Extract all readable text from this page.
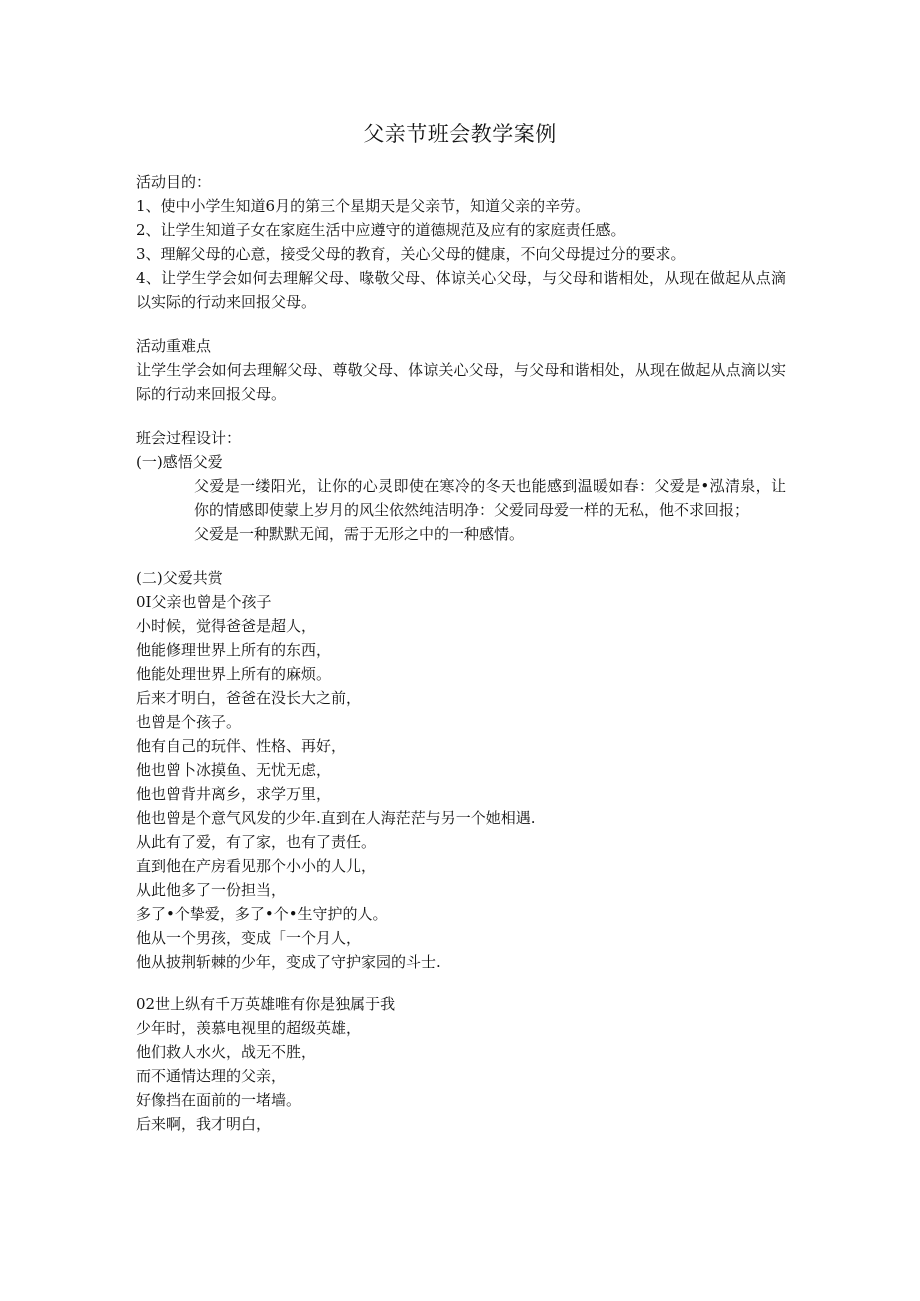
父亲节班会教学案例
活动目的：
1、使中小学生知道6月的第三个星期天是父亲节，知道父亲的辛劳。
2、让学生知道子女在家庭生活中应遵守的道德规范及应有的家庭责任感。
3、理解父母的心意，接受父母的教育，关心父母的健康，不向父母提过分的要求。
4、让学生学会如何去理解父母、喙敬父母、体谅关心父母，与父母和谐相处，从现在做起从点滴以实际的行动来回报父母。
活动重难点
让学生学会如何去理解父母、尊敬父母、体谅关心父母，与父母和谐相处，从现在做起从点滴以实际的行动来回报父母。
班会过程设计：
(一)感悟父爱
父爱是一缕阳光，让你的心灵即使在寒冷的冬天也能感到温暖如春：父爱是•泓清泉，让你的情感即使蒙上岁月的风尘依然纯洁明净：父爱同母爱一样的无私，他不求回报；
父爱是一种默默无闻，需于无形之中的一种感情。
(二)父爱共赏
0I父亲也曾是个孩子
小时候，觉得爸爸是超人，
他能修理世界上所有的东西，
他能处理世界上所有的麻烦。
后来才明白，爸爸在没长大之前，
也曾是个孩子。
他有自己的玩伴、性格、再好，
他也曾卜冰摸鱼、无忧无虑，
他也曾背井离乡，求学万里，
他也曾是个意气风发的少年.直到在人海茫茫与另一个她相遇.
从此有了爱，有了家，也有了责任。
直到他在产房看见那个小小的人儿，
从此他多了一份担当，
多了•个挚爱，多了•个•生守护的人。
他从一个男孩，变成「一个月人，
他从披荆斩棘的少年，变成了守护家园的斗士.
02世上纵有千万英雄唯有你是独属于我
少年时，羡慕电视里的超级英雄，
他们救人水火，战无不胜，
而不通情达理的父亲，
好像挡在面前的一堵墙。
后来啊，我才明白，
